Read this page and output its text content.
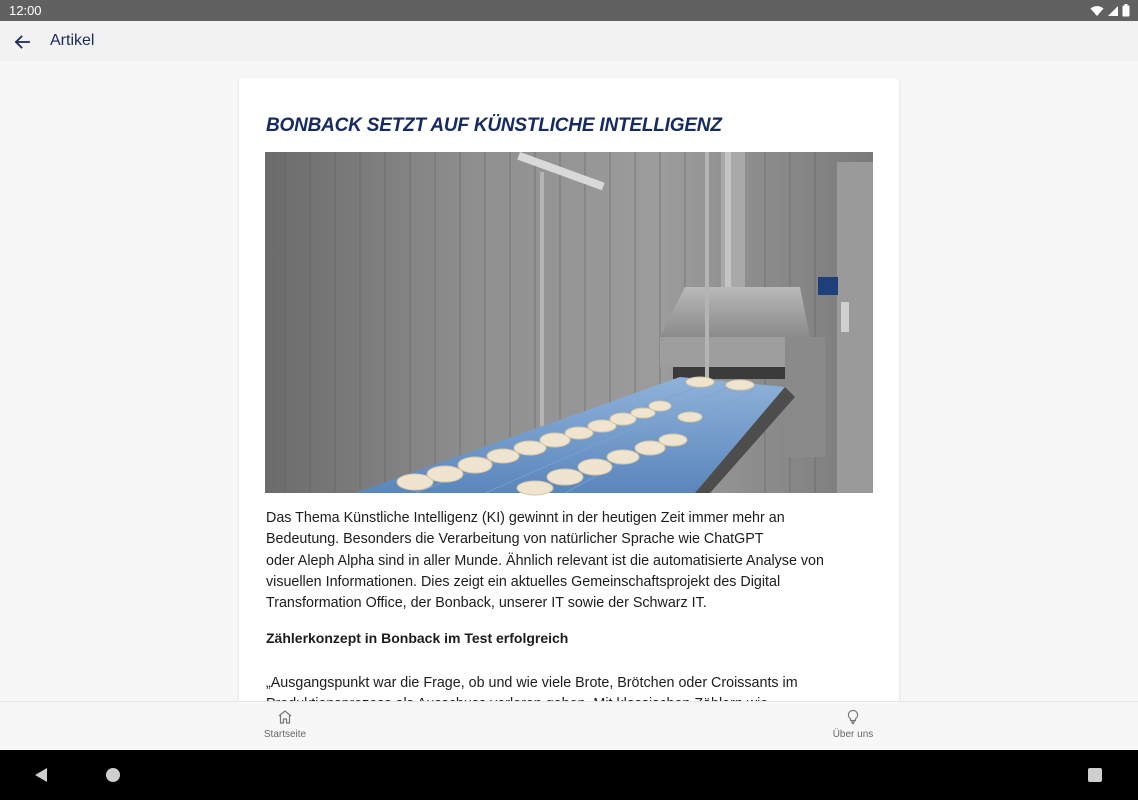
12:00
Artikel
BONBACK SETZT AUF KÜNSTLICHE INTELLIGENZ

Das Thema Künstliche Intelligenz (KI) gewinnt in der heutigen Zeit immer mehr an
Bedeutung. Besonders die Verarbeitung von natürlicher Sprache wie ChatGPT
oder Aleph Alpha sind in aller Munde. Ähnlich relevant ist die automatisierte Analyse von
visuellen Informationen. Dies zeigt ein aktuelles Gemeinschaftsprojekt des Digital
Transformation Office, der Bonback, unserer IT sowie der Schwarz IT.

Zählerkonzept in Bonback im Test erfolgreich

„Ausgangspunkt war die Frage, ob und wie viele Brote, Brötchen oder Croissants im

Startseite	Über uns
